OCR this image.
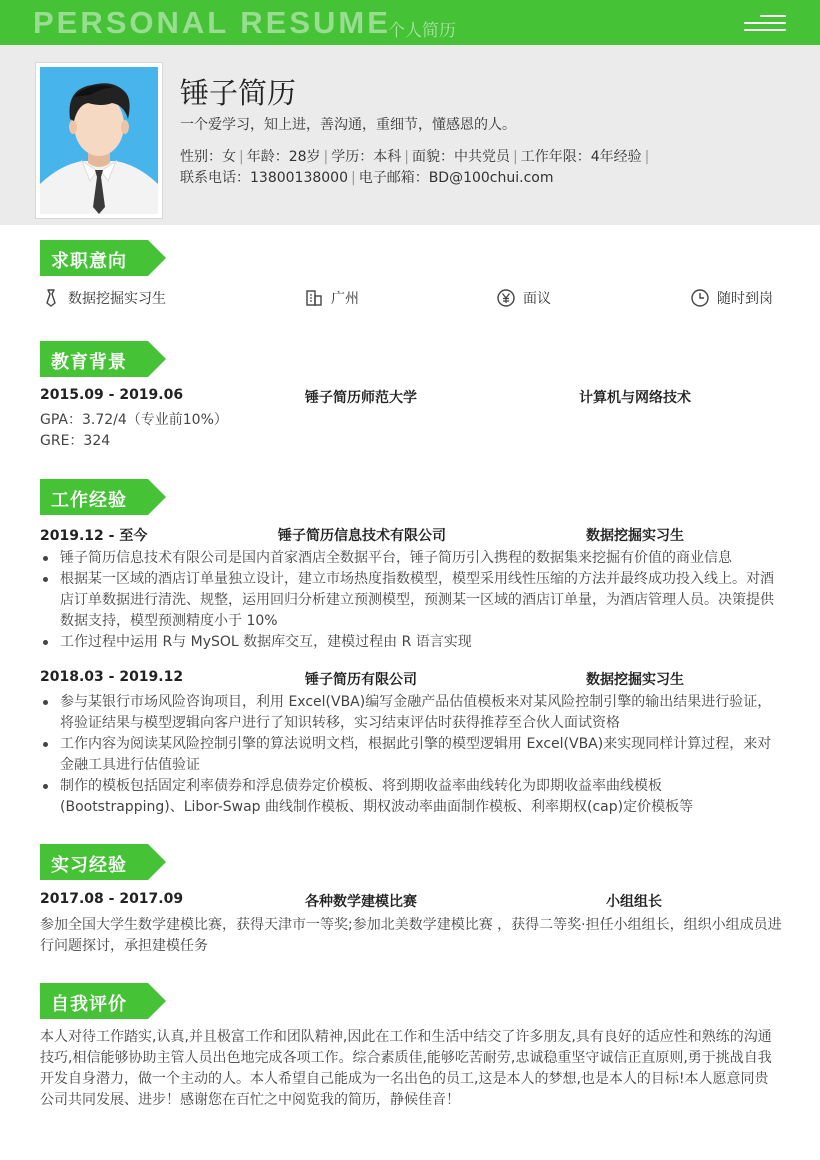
PERSONAL RESUME
个人简历
锤子简历
一个爱学习，知上进，善沟通，重细节，懂感恩的人。
性别：女 | 年龄：28岁 | 学历：本科 | 面貌：中共党员 | 工作年限：4年经验 |
联系电话：13800138000 | 电子邮箱：BD@100chui.com
求职意向
数据挖掘实习生	广州	面议	随时到岗
教育背景
2015.09 - 2019.06	锤子简历师范大学	计算机与网络技术
GPA：3.72/4（专业前10%）
GRE：324
工作经验
2019.12 - 至今	锤子简历信息技术有限公司	数据挖掘实习生
锤子简历信息技术有限公司是国内首家酒店全数据平台，锤子简历引入携程的数据集来挖掘有价值的商业信息
根据某一区域的酒店订单量独立设计，建立市场热度指数模型，模型采用线性压缩的方法并最终成功投入线上。对酒店订单数据进行清洗、规整，运用回归分析建立预测模型，预测某一区域的酒店订单量，为酒店管理人员。决策提供数据支持，模型预测精度小于 10%
工作过程中运用 R与 MySOL 数据库交互，建模过程由 R 语言实现
2018.03 - 2019.12	锤子简历有限公司	数据挖掘实习生
参与某银行市场风险咨询项目，利用 Excel(VBA)编写金融产品估值模板来对某风险控制引擎的输出结果进行验证，将验证结果与模型逻辑向客户进行了知识转移，实习结束评估时获得推荐至合伙人面试资格
工作内容为阅读某风险控制引擎的算法说明文档，根据此引擎的模型逻辑用 Excel(VBA)来实现同样计算过程，来对金融工具进行估值验证
制作的模板包括固定利率债券和浮息债券定价模板、将到期收益率曲线转化为即期收益率曲线模板(Bootstrapping)、Libor-Swap 曲线制作模板、期权波动率曲面制作模板、利率期权(cap)定价模板等
实习经验
2017.08 - 2017.09	各种数学建模比赛	小组组长
参加全国大学生数学建模比赛，获得天津市一等奖;参加北美数学建模比赛 ，获得二等奖·担任小组组长，组织小组成员进行问题探讨，承担建模任务
自我评价
本人对待工作踏实,认真,并且极富工作和团队精神,因此在工作和生活中结交了许多朋友,具有良好的适应性和熟练的沟通技巧,相信能够协助主管人员出色地完成各项工作。综合素质佳,能够吃苦耐劳,忠诚稳重坚守诚信正直原则,勇于挑战自我开发自身潜力，做一个主动的人。本人希望自己能成为一名出色的员工,这是本人的梦想,也是本人的目标!本人愿意同贵公司共同发展、进步！感谢您在百忙之中阅览我的简历，静候佳音！
